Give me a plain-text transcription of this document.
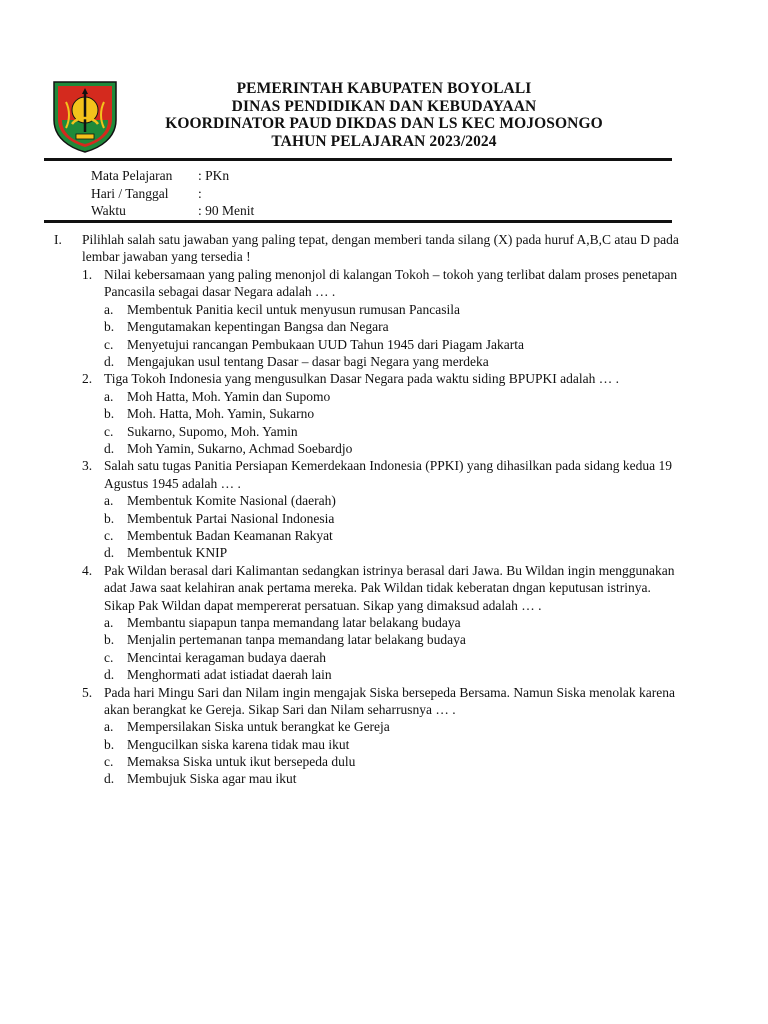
PEMERINTAH KABUPATEN BOYOLALI
DINAS PENDIDIKAN DAN KEBUDAYAAN
KOORDINATOR PAUD DIKDAS DAN LS KEC MOJOSONGO
TAHUN PELAJARAN 2023/2024
Mata Pelajaran	: PKn
Hari / Tanggal	:
Waktu	: 90 Menit
I. Pilihlah salah satu jawaban yang paling tepat, dengan memberi tanda silang (X) pada huruf A,B,C atau D pada lembar jawaban yang tersedia !
1. Nilai kebersamaan yang paling menonjol di kalangan Tokoh – tokoh yang terlibat dalam proses penetapan Pancasila sebagai dasar Negara adalah … .
a. Membentuk Panitia kecil untuk menyusun rumusan Pancasila
b. Mengutamakan kepentingan Bangsa dan Negara
c. Menyetujui rancangan Pembukaan UUD Tahun 1945 dari Piagam Jakarta
d. Mengajukan usul tentang Dasar – dasar bagi Negara yang merdeka
2. Tiga Tokoh Indonesia yang mengusulkan Dasar Negara pada waktu siding BPUPKI adalah … .
a. Moh Hatta, Moh. Yamin dan Supomo
b. Moh. Hatta, Moh. Yamin, Sukarno
c. Sukarno, Supomo, Moh. Yamin
d. Moh Yamin, Sukarno, Achmad Soebardjo
3. Salah satu tugas Panitia Persiapan Kemerdekaan Indonesia (PPKI) yang dihasilkan pada sidang kedua 19 Agustus 1945 adalah … .
a. Membentuk Komite Nasional (daerah)
b. Membentuk Partai Nasional Indonesia
c. Membentuk Badan Keamanan Rakyat
d. Membentuk KNIP
4. Pak Wildan berasal dari Kalimantan sedangkan istrinya berasal dari Jawa. Bu Wildan ingin menggunakan adat Jawa saat kelahiran anak pertama mereka. Pak Wildan tidak keberatan dngan keputusan istrinya. Sikap Pak Wildan dapat mempererat persatuan. Sikap yang dimaksud adalah … .
a. Membantu siapapun tanpa memandang latar belakang budaya
b. Menjalin pertemanan tanpa memandang latar belakang budaya
c. Mencintai keragaman budaya daerah
d. Menghormati adat istiadat daerah lain
5. Pada hari Mingu Sari dan Nilam ingin mengajak Siska bersepeda Bersama. Namun Siska menolak karena akan berangkat ke Gereja. Sikap Sari dan Nilam seharrusnya … .
a. Mempersilakan Siska untuk berangkat ke Gereja
b. Mengucilkan siska karena tidak mau ikut
c. Memaksa Siska untuk ikut bersepeda dulu
d. Membujuk Siska agar mau ikut
